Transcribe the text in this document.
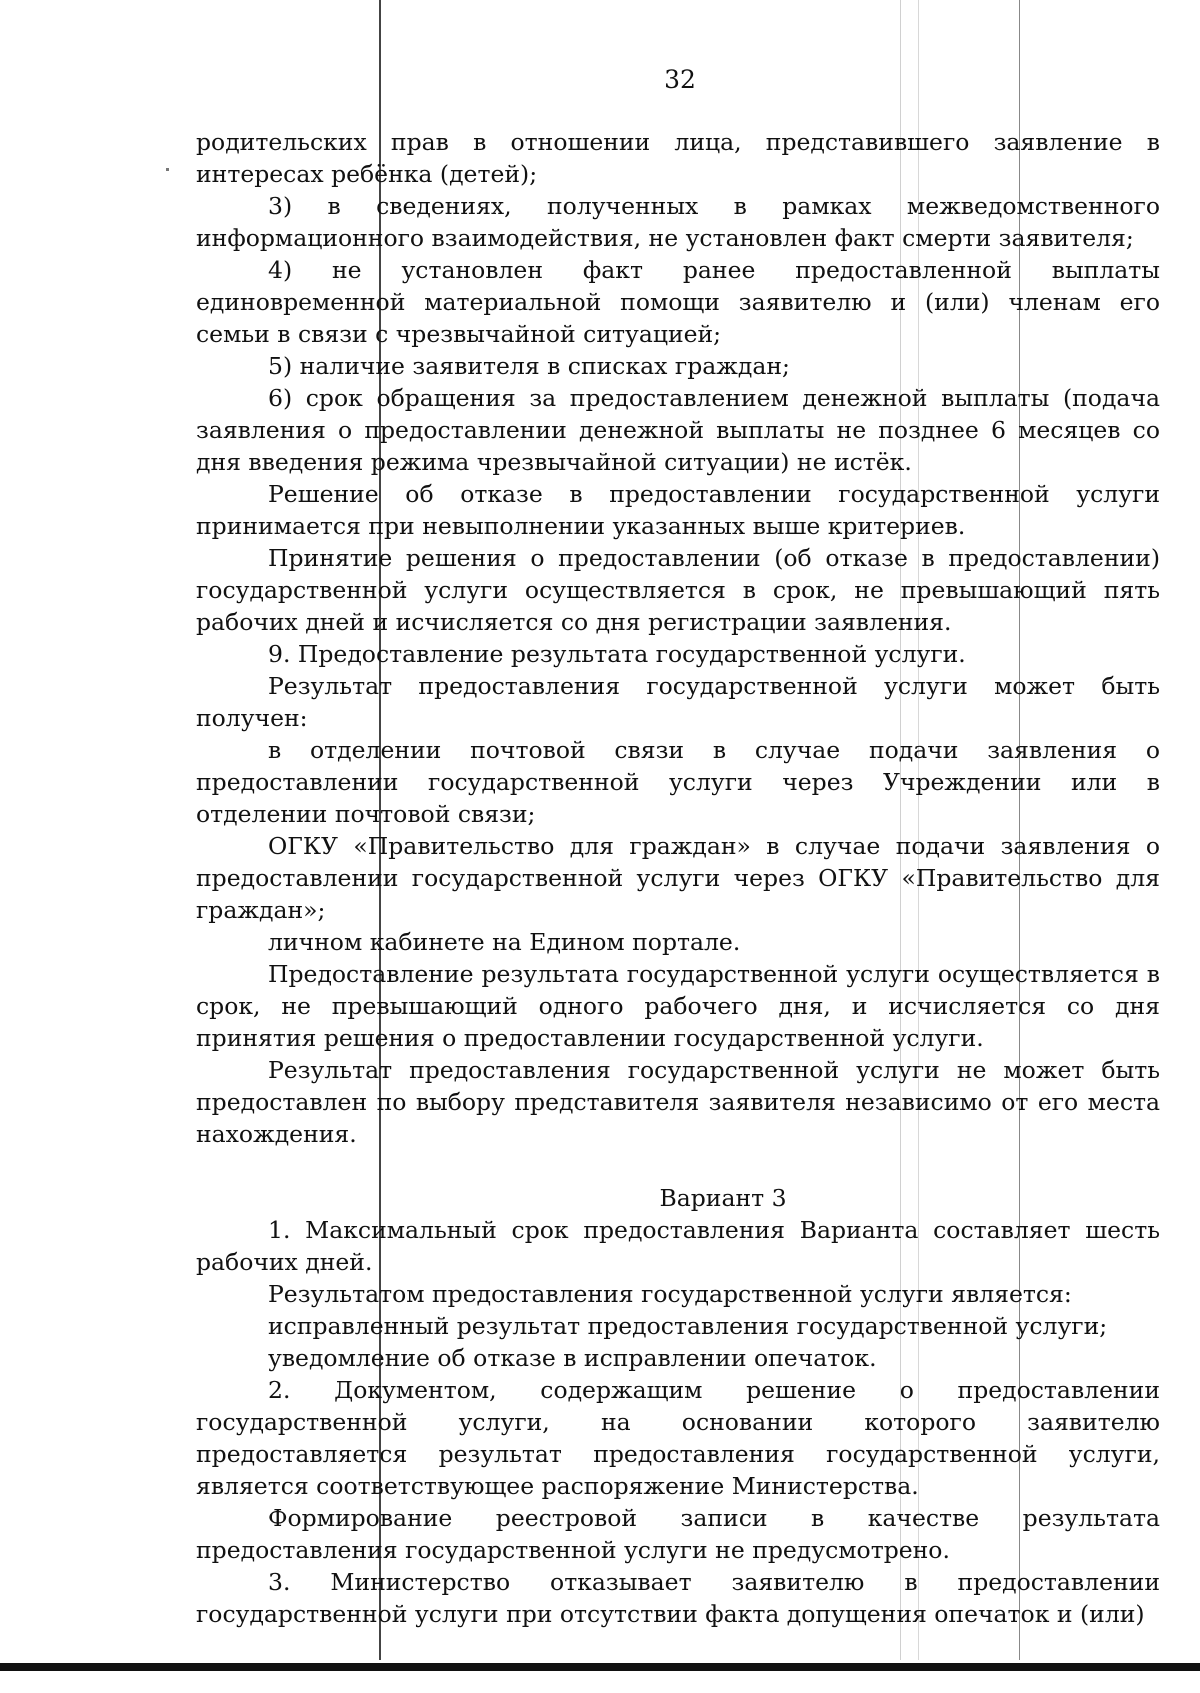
32

родительских прав в отношении лица, представившего заявление в интересах ребёнка (детей);

3) в сведениях, полученных в рамках межведомственного информационного взаимодействия, не установлен факт смерти заявителя;

4) не установлен факт ранее предоставленной выплаты единовременной материальной помощи заявителю и (или) членам его семьи в связи с чрезвычайной ситуацией;

5) наличие заявителя в списках граждан;

6) срок обращения за предоставлением денежной выплаты (подача заявления о предоставлении денежной выплаты не позднее 6 месяцев со дня введения режима чрезвычайной ситуации) не истёк.

Решение об отказе в предоставлении государственной услуги принимается при невыполнении указанных выше критериев.

Принятие решения о предоставлении (об отказе в предоставлении) государственной услуги осуществляется в срок, не превышающий пять рабочих дней и исчисляется со дня регистрации заявления.

9. Предоставление результата государственной услуги.

Результат предоставления государственной услуги может быть получен:

в отделении почтовой связи в случае подачи заявления о предоставлении государственной услуги через Учреждении или в отделении почтовой связи;

ОГКУ «Правительство для граждан» в случае подачи заявления о предоставлении государственной услуги через ОГКУ «Правительство для граждан»;

личном кабинете на Едином портале.

Предоставление результата государственной услуги осуществляется в срок, не превышающий одного рабочего дня, и исчисляется со дня принятия решения о предоставлении государственной услуги.

Результат предоставления государственной услуги не может быть предоставлен по выбору представителя заявителя независимо от его места нахождения.

Вариант 3

1. Максимальный срок предоставления Варианта составляет шесть рабочих дней.

Результатом предоставления государственной услуги является:

исправленный результат предоставления государственной услуги;

уведомление об отказе в исправлении опечаток.

2. Документом, содержащим решение о предоставлении государственной услуги, на основании которого заявителю предоставляется результат предоставления государственной услуги, является соответствующее распоряжение Министерства.

Формирование реестровой записи в качестве результата предоставления государственной услуги не предусмотрено.

3. Министерство отказывает заявителю в предоставлении государственной услуги при отсутствии факта допущения опечаток и (или)
